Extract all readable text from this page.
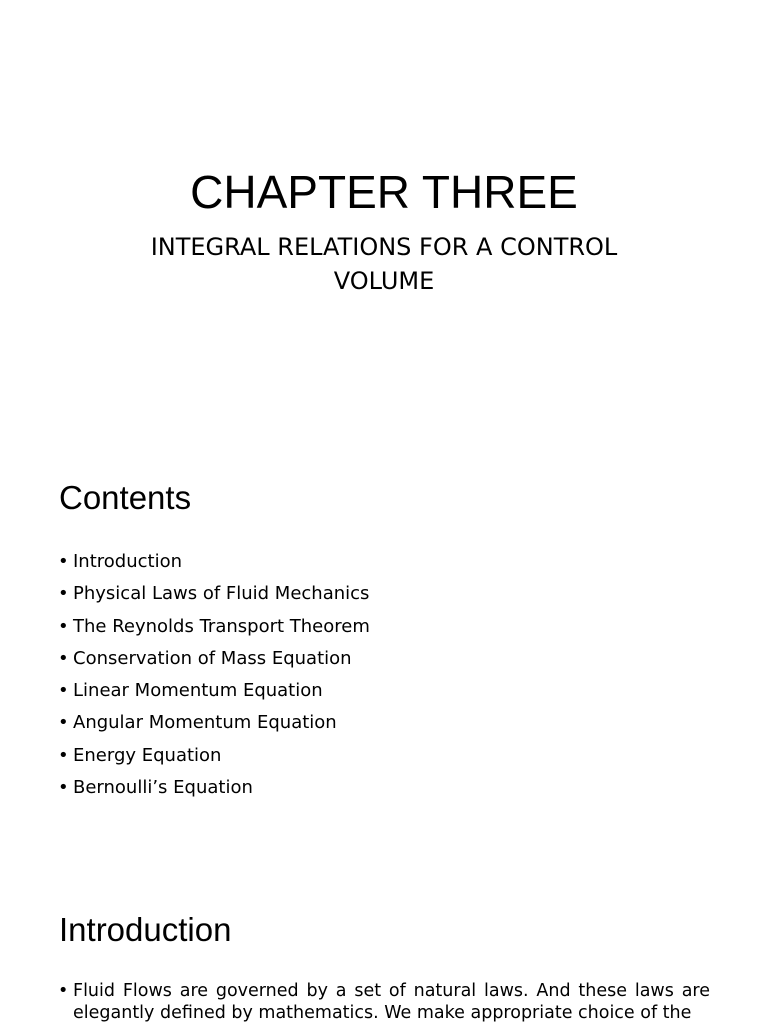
CHAPTER THREE

INTEGRAL RELATIONS FOR A CONTROL VOLUME

Contents
• Introduction
• Physical Laws of Fluid Mechanics
• The Reynolds Transport Theorem
• Conservation of Mass Equation
• Linear Momentum Equation
• Angular Momentum Equation
• Energy Equation
• Bernoulli’s Equation
Introduction
• Fluid Flows are governed by a set of natural laws. And these laws are elegantly defined by mathematics. We make appropriate choice of the
